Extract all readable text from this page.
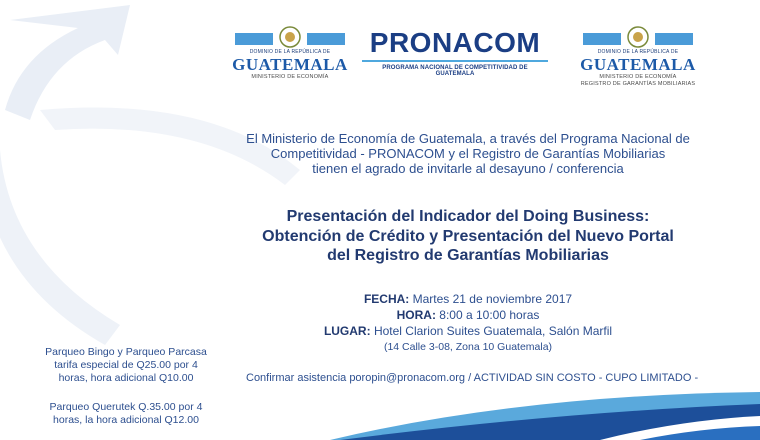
DOMINIO DE LA REPÚBLICA DE
GUATEMALA
MINISTERIO DE ECONOMÍA
PRONACOM
PROGRAMA NACIONAL DE COMPETITIVIDAD DE GUATEMALA
DOMINIO DE LA REPÚBLICA DE
GUATEMALA
MINISTERIO DE ECONOMÍA
REGISTRO DE GARANTÍAS MOBILIARIAS
El Ministerio de Economía de Guatemala, a través del Programa Nacional de
Competitividad - PRONACOM y el Registro de Garantías Mobiliarias
tienen el agrado de invitarle al desayuno / conferencia
Presentación del Indicador del Doing Business:
Obtención de Crédito y Presentación del Nuevo Portal
del Registro de Garantías Mobiliarias
FECHA: Martes 21 de noviembre 2017
HORA: 8:00 a 10:00 horas
LUGAR: Hotel Clarion Suites Guatemala, Salón Marfil
(14 Calle 3-08, Zona 10 Guatemala)
Confirmar asistencia poropin@pronacom.org / ACTIVIDAD SIN COSTO - CUPO LIMITADO -
Parqueo Bingo y Parqueo Parcasa
tarifa especial de Q25.00 por 4
horas, hora adicional Q10.00
Parqueo Querutek Q.35.00 por 4
horas, la hora adicional Q12.00
